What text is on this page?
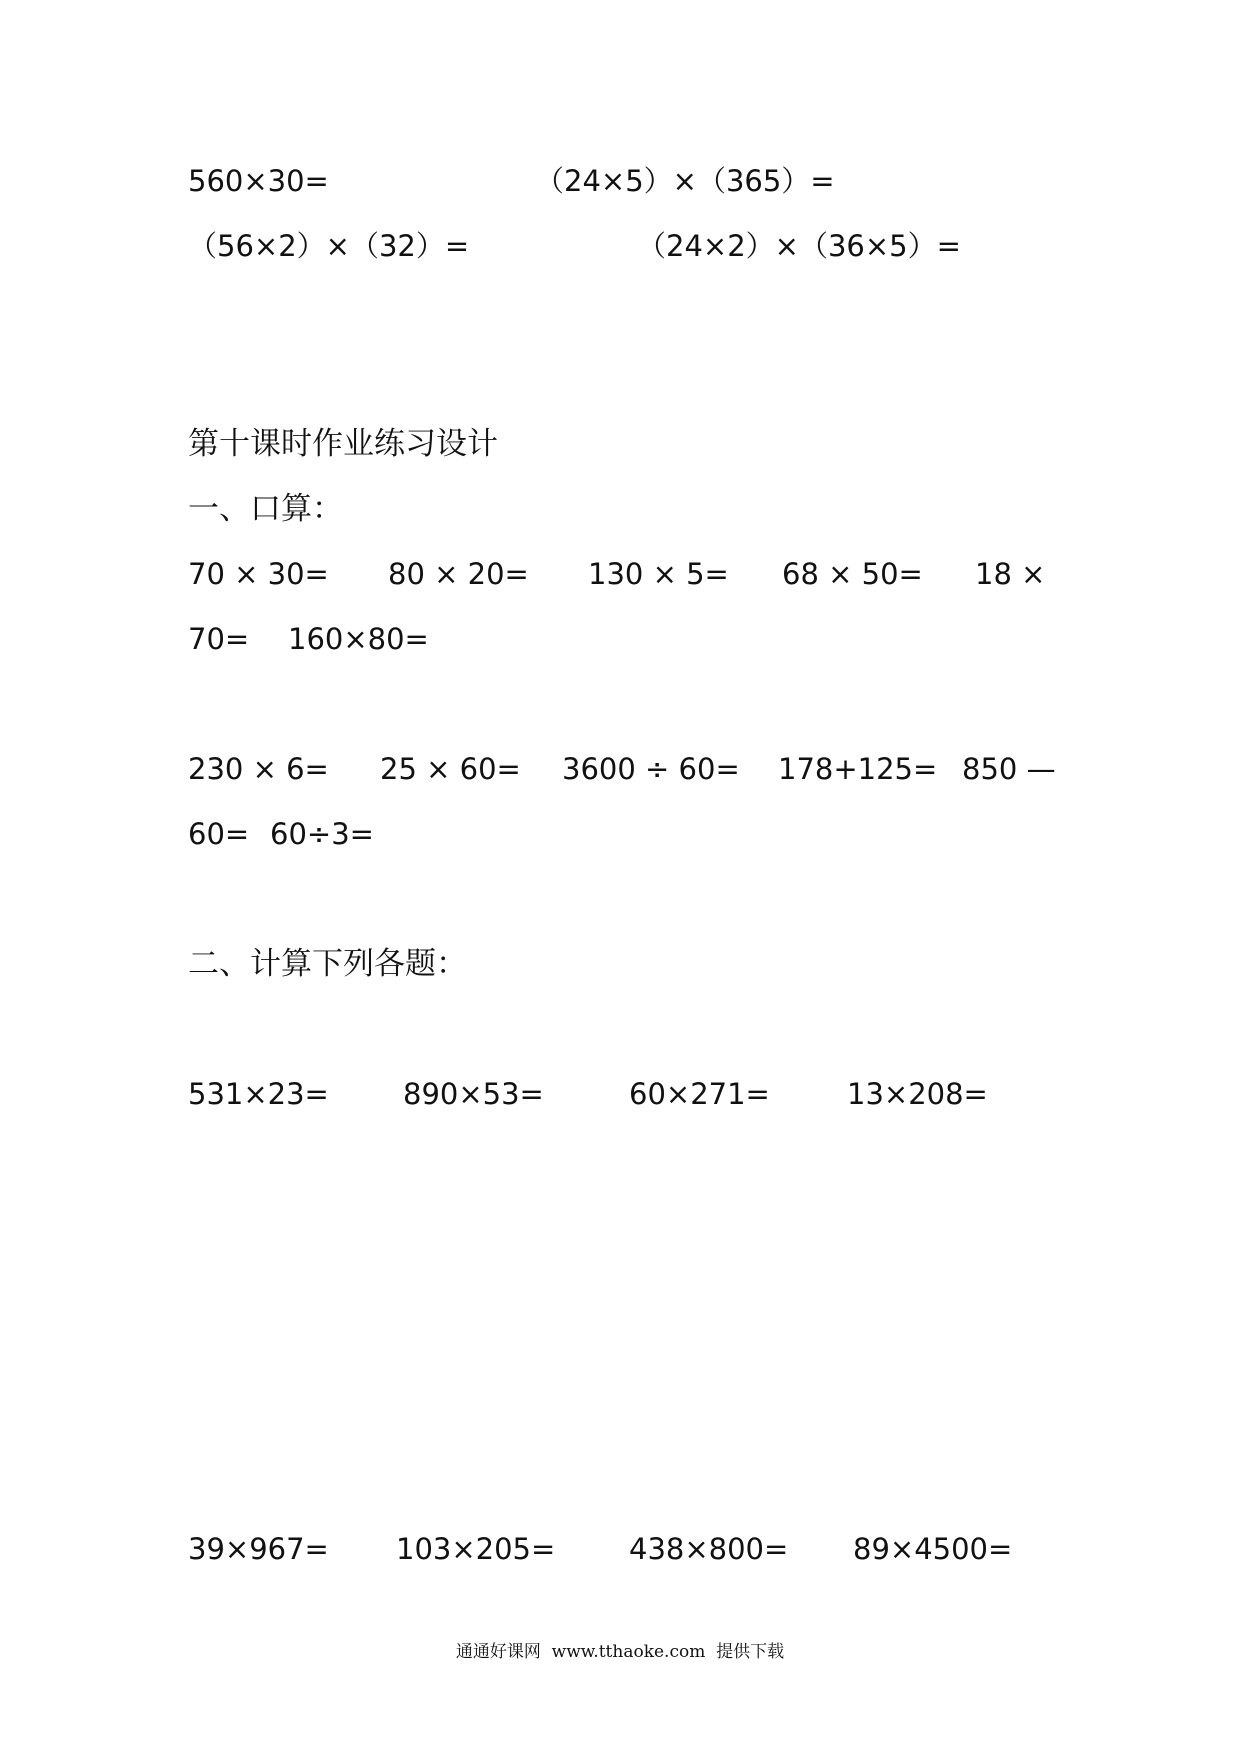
560×30=	（24×5）×（365）=
（56×2）×（32）=	（24×2）×（36×5）=
第十课时作业练习设计
一、口算：
70 × 30= 80 × 20= 130 × 5= 68 × 50= 18 ×
70= 160×80=
230 × 6= 25 × 60= 3600 ÷ 60= 178+125= 850 —
60= 60÷3=
二、计算下列各题：
531×23=	890×53=	60×271=	13×208=
39×967= 103×205=	438×800= 89×4500=
通通好课网  www.tthaoke.com  提供下载
